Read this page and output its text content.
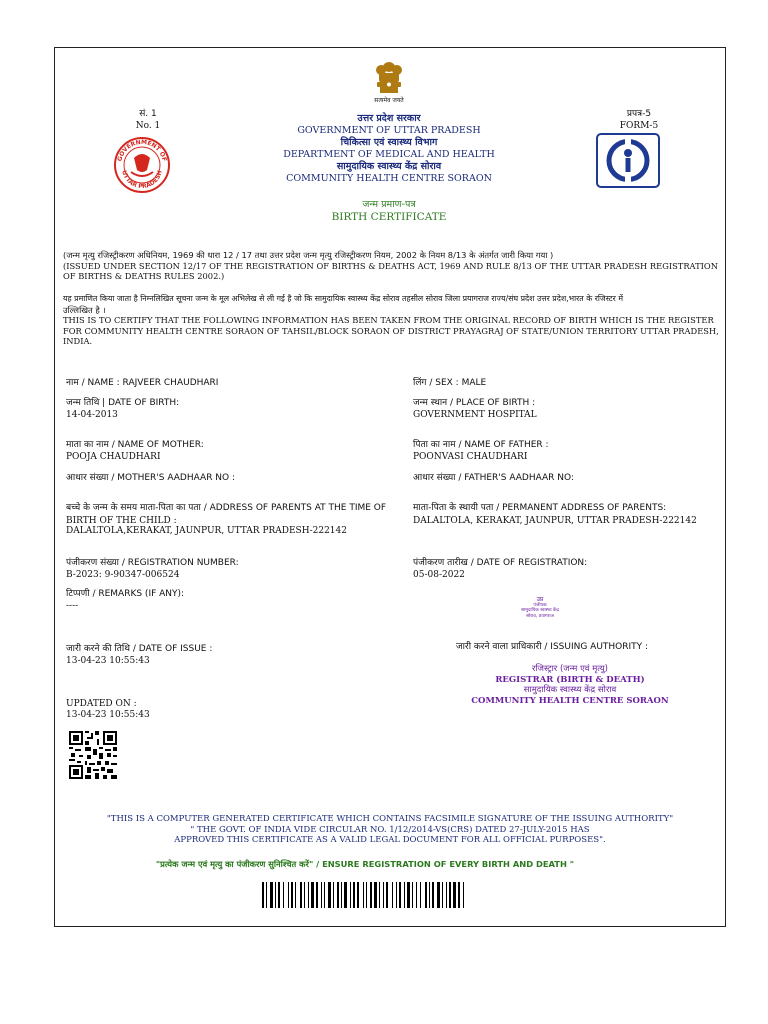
सत्यमेव जयते
सं. 1
No. 1
प्रपत्र-5
FORM-5
GOVERNMENT OF
UTTAR PRADESH
उत्तर प्रदेश सरकार
GOVERNMENT OF UTTAR PRADESH
चिकित्सा एवं स्वास्थ्य विभाग
DEPARTMENT OF MEDICAL AND HEALTH
सामुदायिक स्वास्थ्य केंद्र सोराव
COMMUNITY HEALTH CENTRE SORAON
जन्म प्रमाण-पत्र
BIRTH CERTIFICATE
(जन्म मृत्यु रजिस्ट्रीकरण अधिनियम, 1969 की धारा 12 / 17 तथा उत्तर प्रदेश जन्म मृत्यु रजिस्ट्रीकरण नियम, 2002 के नियम 8/13 के अंतर्गत जारी किया गया )
(ISSUED UNDER SECTION 12/17 OF THE REGISTRATION OF BIRTHS & DEATHS ACT, 1969 AND RULE 8/13 OF THE UTTAR PRADESH REGISTRATION
OF BIRTHS & DEATHS RULES 2002.)
यह प्रमाणित किया जाता है निम्नलिखित सूचना जन्म के मूल अभिलेख से ली गई है जो कि सामुदायिक स्वास्थ्य केंद्र सोराव तहसील सोराव जिला प्रयागराज राज्य/संघ प्रदेश उत्तर प्रदेश,भारत के रजिस्टर में
उल्लिखित है ।
THIS IS TO CERTIFY THAT THE FOLLOWING INFORMATION HAS BEEN TAKEN FROM THE ORIGINAL RECORD OF BIRTH WHICH IS THE REGISTER
FOR COMMUNITY HEALTH CENTRE SORAON OF TAHSIL/BLOCK SORAON OF DISTRICT PRAYAGRAJ OF STATE/UNION TERRITORY UTTAR PRADESH,
INDIA.
नाम / NAME : RAJVEER CHAUDHARI
जन्म तिथि | DATE OF BIRTH:
14-04-2013
माता का नाम / NAME OF MOTHER:
POOJA CHAUDHARI
आधार संख्या / MOTHER'S AADHAAR NO :
बच्चे के जन्म के समय माता-पिता का पता / ADDRESS OF PARENTS AT THE TIME OF
BIRTH OF THE CHILD :
DALALTOLA,KERAKAT, JAUNPUR, UTTAR PRADESH-222142
पंजीकरण संख्या / REGISTRATION NUMBER:
B-2023: 9-90347-006524
टिप्पणी / REMARKS (IF ANY):
----
जारी करने की तिथि / DATE OF ISSUE :
13-04-23 10:55:43
UPDATED ON :
13-04-23 10:55:43
लिंग / SEX : MALE
जन्म स्थान / PLACE OF BIRTH :
GOVERNMENT HOSPITAL
पिता का नाम / NAME OF FATHER :
POONVASI CHAUDHARI
आधार संख्या / FATHER'S AADHAAR NO:
माता-पिता के स्थायी पता / PERMANENT ADDRESS OF PARENTS:
DALALTOLA, KERAKAT, JAUNPUR, UTTAR PRADESH-222142
पंजीकरण तारीख / DATE OF REGISTRATION:
05-08-2022
उप्र
पंजीयक
सामुदायिक स्वास्थ्य केंद्र
सोराव, प्रयागराज
जारी करने वाला प्राधिकारी / ISSUING AUTHORITY :
रजिस्ट्रार (जन्म एवं मृत्यु)
REGISTRAR (BIRTH & DEATH)
सामुदायिक स्वास्थ्य केंद्र सोराव
COMMUNITY HEALTH CENTRE SORAON
"THIS IS A COMPUTER GENERATED CERTIFICATE WHICH CONTAINS FACSIMILE SIGNATURE OF THE ISSUING AUTHORITY"
" THE GOVT. OF INDIA VIDE CIRCULAR NO. 1/12/2014-VS(CRS) DATED 27-JULY-2015 HAS
APPROVED THIS CERTIFICATE AS A VALID LEGAL DOCUMENT FOR ALL OFFICIAL PURPOSES".
"प्रत्येक जन्म एवं मृत्यु का पंजीकरण सुनिश्चित करें" / ENSURE REGISTRATION OF EVERY BIRTH AND DEATH "
